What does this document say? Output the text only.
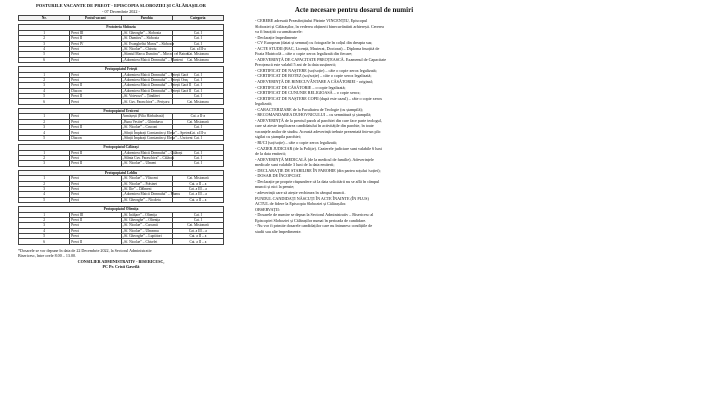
POSTURILE VACANTE DE PREOT - EPISCOPIA SLOBOZIEI ȘI CĂLĂRAȘILOR
- 07 Decembrie 2022 -
Nr.	Postul vacant	Parohia	Categoria

Protoieria Slobozia			
1	Preot III	„Sf. Gheorghe” – Slobozia	Cat. I
2	Preot II	„Sf. Dumitru” – Slobozia	Cat. I
3	Preot IV	„Sf. Evanghelist Marcu” – Slobozia	Cat. I
4	Preot	„Sf. Nicolae” – Chiroiu	Cat. a III-a
5	Preot	„Sfantul Marcu Dumitru” – Mircea cel Batran	Cat. Misionara
6	Preot	„Adormirea Maicii Domnului” – Munteni	Cat. Misionara

Protopopiatul Fetești			
1	Preot	„Adormirea Maicii Domnului” – Fetești Gară	Cat. I
2	Preot	„Adormirea Maicii Domnului” – Fetești Oraș	Cat. I
3	Preot II	„Adormirea Maicii Domnului” – Fetești Gară II	Cat. I
4	Diacon	„Adormirea Maicii Domnului” – Fetești Gară II	Cat. I
5	Preot II	„Sf. Voievozi” – Țăndărei	Cat. I
6	Preot	„Sf. Cuv. Paraschiva” – Perișoru	Cat. Misionara

Protopopiatul Urziceni			
1	Preot	Armășești (Filia Hărbuleasă)	Cat. a II-a
2	Preot	„Buna Vestire” – Ghimbavu	Cat. Misionară
3	Preot II	„Sf. Nicolae” – Cosconi	Cat. I
4	Preot	„Sfinții Împărați Constantin și Elena” – Spetrea	Cat. a III-a
5	Diacon	„Sfinții Împărați Constantin și Elena” – Urziceni	Cat. I

Protopopiatul Călărași			
1	Preot II	„Adormirea Maicii Domnului” – Călărași	Cat. I
2	Preot	„Sfânta Cuv. Paraschiva” – Călărași	Cat. I
3	Preot II	„Sf. Nicolae” – Ulmeni	Cat. I

Protopopiatul Lehliu			
1	Preot	„Sf. Nicolae” – Vlăsceni	Cat. Misionară
2	Preot	„Sf. Nicolae” – Frăsinet	Cat. a II – a
3	Preot	„Sf. Ilie” – Dâlmeni	Cat. a III – a
4	Preot	„Adormirea Maicii Domnului” – Plumu	Cat. a III – a
5	Preot	„Sf. Gheorghe” – Nicoleta	Cat. a II – a

Protopopiatul Oltenița			
1	Preot III	„Sf. Înălțare” – Oltenița	Cat. I
2	Preot II	„Sf. Gheorghe” – Oltenița	Cat. I
3	Preot	„Sf. Nicolae” – Curcanii	Cat. Misionară
4	Preot	„Sf. Nicolae” – Ulmeanu	Cat. a III – a
5	Preot	„Sf. Gheorghe” – Luptători	Cat. a II – a
6	Preot II	„Sf. Nicolae” – Chiselet	Cat. a II – a

*Dosarele se vor depune în data de 22 Decembrie 2022, la Sectorul Administrativ

Bisericesc, între orele 8.00 – 13.00.

CONSILIER ADMINISTRATIV - BISERICESC,

PC Pr. Cristi Gavrilă

Acte necesare pentru dosarul de numiri

- CERERE adresată Preasfințitului Părinte VINCENȚIU, Episcopul

Sloboziei și Călărașilor, în vederea obținerii binecuvântării arhierești. Cererea

va fi însoțită cu următoarele:

- Declarație împedimente

- CV European (datat și semnat) cu fotografie în colțul din dreapta sus;

- ACTE STUDII (BAC, Licență, Masterat, Doctorat) – Diploma însoțită de

Foaia Matricolă – câte o copie xerox legalizată din fiecare;

- ADEVERINȚĂ DE CAPACITATE PREOȚEASCĂ. Examenul de Capacitate

Preoțească este valabil 5 ani de la data susținerii;

- CERTIFICAT DE NAȘTERE (soț/soție) – câte o copie xerox legalizată;

- CERTIFICAT DE BOTEZ (soț/soție) – câte o copie xerox legalizată;

- ADEVERINȚĂ DE BINECUVÂNTARE A CĂSĂTORIEI - original;

- CERTIFICAT DE CĂSĂTORIE – o copie legalizată;

- CERTIFICAT DE CUNUNIE RELIGIOASĂ – o copie xerox;

- CERTIFICAT DE NAȘTERE COPII (după este cazul) – câte o copie xerox

legalizată;

- CARACTERIZARE de la Facultatea de Teologie (cu ștampilă);

- RECOMANDAREA DUHOVNICULUI – cu semnătură și ștampilă;

- ADEVERINȚĂ de la preotul paroh al parohiei din care face parte teologul,

care să ateste implicarea candidatului în activitățile din parohie, în toate

vacanțele anilor de studiu. Această adeverință trebuie prezentată într-un plic

sigilat cu ștampila parohiei;

- BI/CI (soț/soție) – câte o copie xerox legalizată;

- CAZIER JUDICIAR (de la Poliție). Cazierele judiciare sunt valabile 6 luni

de la data emiterii;

- ADEVERINȚĂ MEDICALĂ (de la medicul de familie). Adeverințele

medicale sunt valabile 3 luni de la data emiterii;

- DECLARAȚIE DE STABILIRE ÎN PAROHIE (din partea soțului /soției);

- DOSAR DE ÎNCOPCIAT.

- Declarație pe proprie răspundere că la data solicitării nu se află în câmpul

muncii și nici la pensie;

- adeverință care să atește vechimea în câmpul muncii.

FUNDUL CANDIDAȚI NĂSCUȚI ÎN ACTE ÎNAINTE (ÎN PLUS)

ACTUL de fidere la Episcopia Sloboziei și Călărașilor.

OBSERVAȚII:

- Dosarele de numire se depun la Sectorul Administrativ – Bisericesc al

Episcopiei Sloboziei și Călărașilor numai în perioada de candidare.

- Nu vor fi primite dosarele candidaților care nu întrunesc condițiile de

studii sau alte împedimente.
